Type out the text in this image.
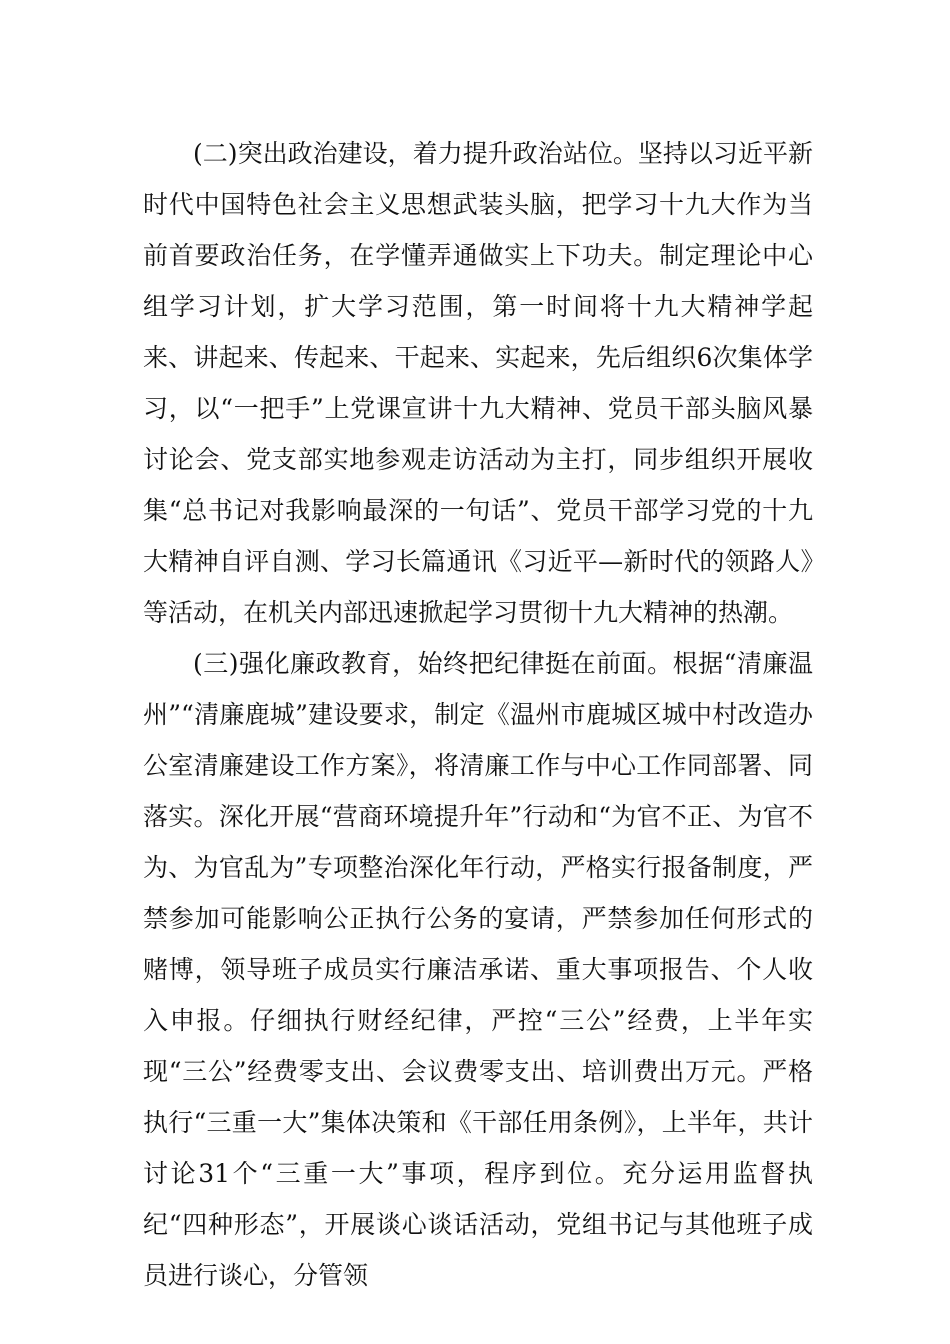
(二)突出政治建设，着力提升政治站位。坚持以习近平新时代中国特色社会主义思想武装头脑，把学习十九大作为当前首要政治任务，在学懂弄通做实上下功夫。制定理论中心组学习计划，扩大学习范围，第一时间将十九大精神学起来、讲起来、传起来、干起来、实起来，先后组织6次集体学习，以“一把手”上党课宣讲十九大精神、党员干部头脑风暴讨论会、党支部实地参观走访活动为主打，同步组织开展收集“总书记对我影响最深的一句话”、党员干部学习党的十九大精神自评自测、学习长篇通讯《习近平—新时代的领路人》等活动，在机关内部迅速掀起学习贯彻十九大精神的热潮。

(三)强化廉政教育，始终把纪律挺在前面。根据“清廉温州”“清廉鹿城”建设要求，制定《温州市鹿城区城中村改造办公室清廉建设工作方案》，将清廉工作与中心工作同部署、同落实。深化开展“营商环境提升年”行动和“为官不正、为官不为、为官乱为”专项整治深化年行动，严格实行报备制度，严禁参加可能影响公正执行公务的宴请，严禁参加任何形式的赌博，领导班子成员实行廉洁承诺、重大事项报告、个人收入申报。仔细执行财经纪律，严控“三公”经费，上半年实现“三公”经费零支出、会议费零支出、培训费出万元。严格执行“三重一大”集体决策和《干部任用条例》，上半年，共计讨论31个“三重一大”事项，程序到位。充分运用监督执纪“四种形态”，开展谈心谈话活动，党组书记与其他班子成员进行谈心，分管领
